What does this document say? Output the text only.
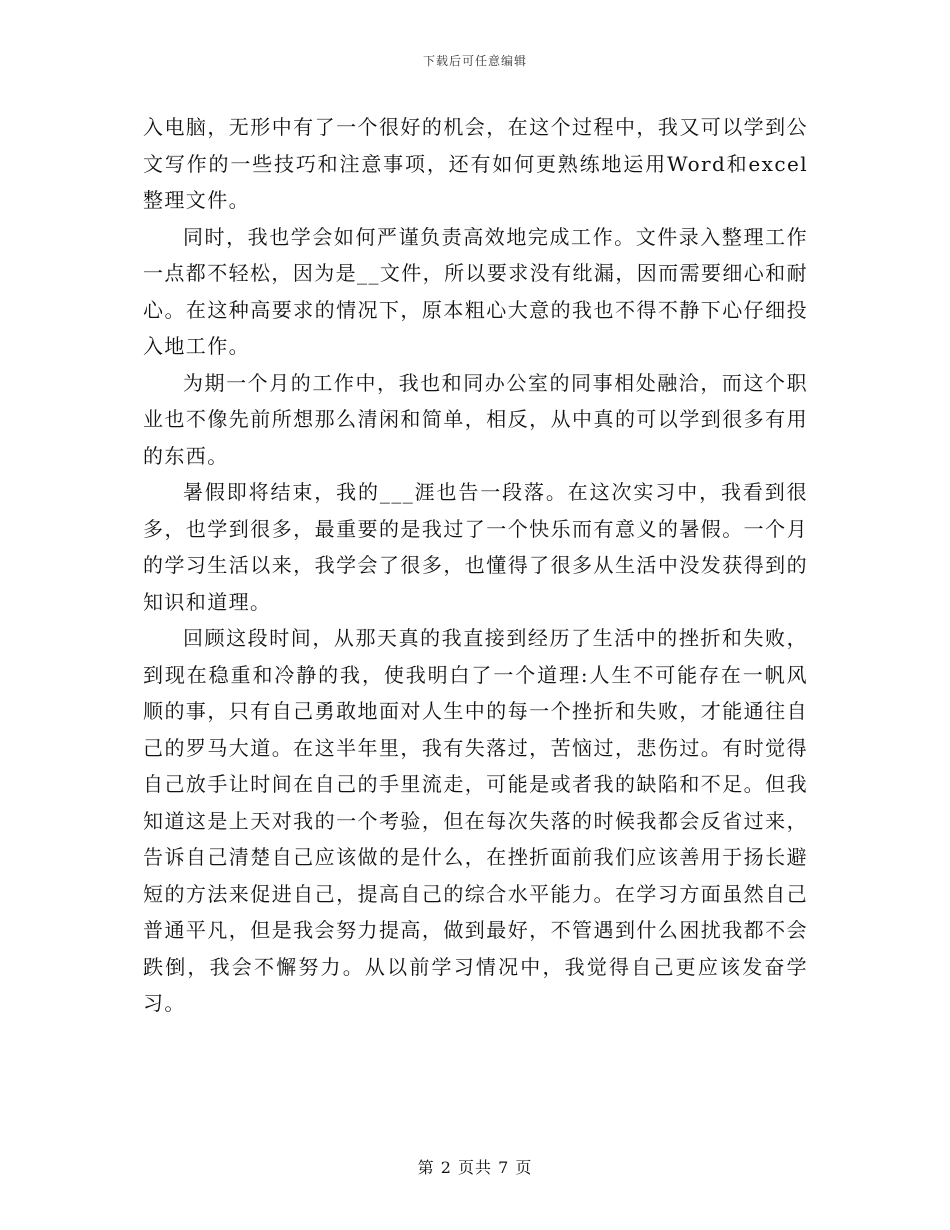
下载后可任意编辑

入电脑，无形中有了一个很好的机会，在这个过程中，我又可以学到公文写作的一些技巧和注意事项，还有如何更熟练地运用Word和excel整理文件。

同时，我也学会如何严谨负责高效地完成工作。文件录入整理工作一点都不轻松，因为是__文件，所以要求没有纰漏，因而需要细心和耐心。在这种高要求的情况下，原本粗心大意的我也不得不静下心仔细投入地工作。

为期一个月的工作中，我也和同办公室的同事相处融洽，而这个职业也不像先前所想那么清闲和简单，相反，从中真的可以学到很多有用的东西。

暑假即将结束，我的___涯也告一段落。在这次实习中，我看到很多，也学到很多，最重要的是我过了一个快乐而有意义的暑假。一个月的学习生活以来，我学会了很多，也懂得了很多从生活中没发获得到的知识和道理。

回顾这段时间，从那天真的我直接到经历了生活中的挫折和失败，到现在稳重和冷静的我，使我明白了一个道理:人生不可能存在一帆风顺的事，只有自己勇敢地面对人生中的每一个挫折和失败，才能通往自己的罗马大道。在这半年里，我有失落过，苦恼过，悲伤过。有时觉得自己放手让时间在自己的手里流走，可能是或者我的缺陷和不足。但我知道这是上天对我的一个考验，但在每次失落的时候我都会反省过来，告诉自己清楚自己应该做的是什么，在挫折面前我们应该善用于扬长避短的方法来促进自己，提高自己的综合水平能力。在学习方面虽然自己普通平凡，但是我会努力提高，做到最好，不管遇到什么困扰我都不会跌倒，我会不懈努力。从以前学习情况中，我觉得自己更应该发奋学习。

第 2 页共 7 页
